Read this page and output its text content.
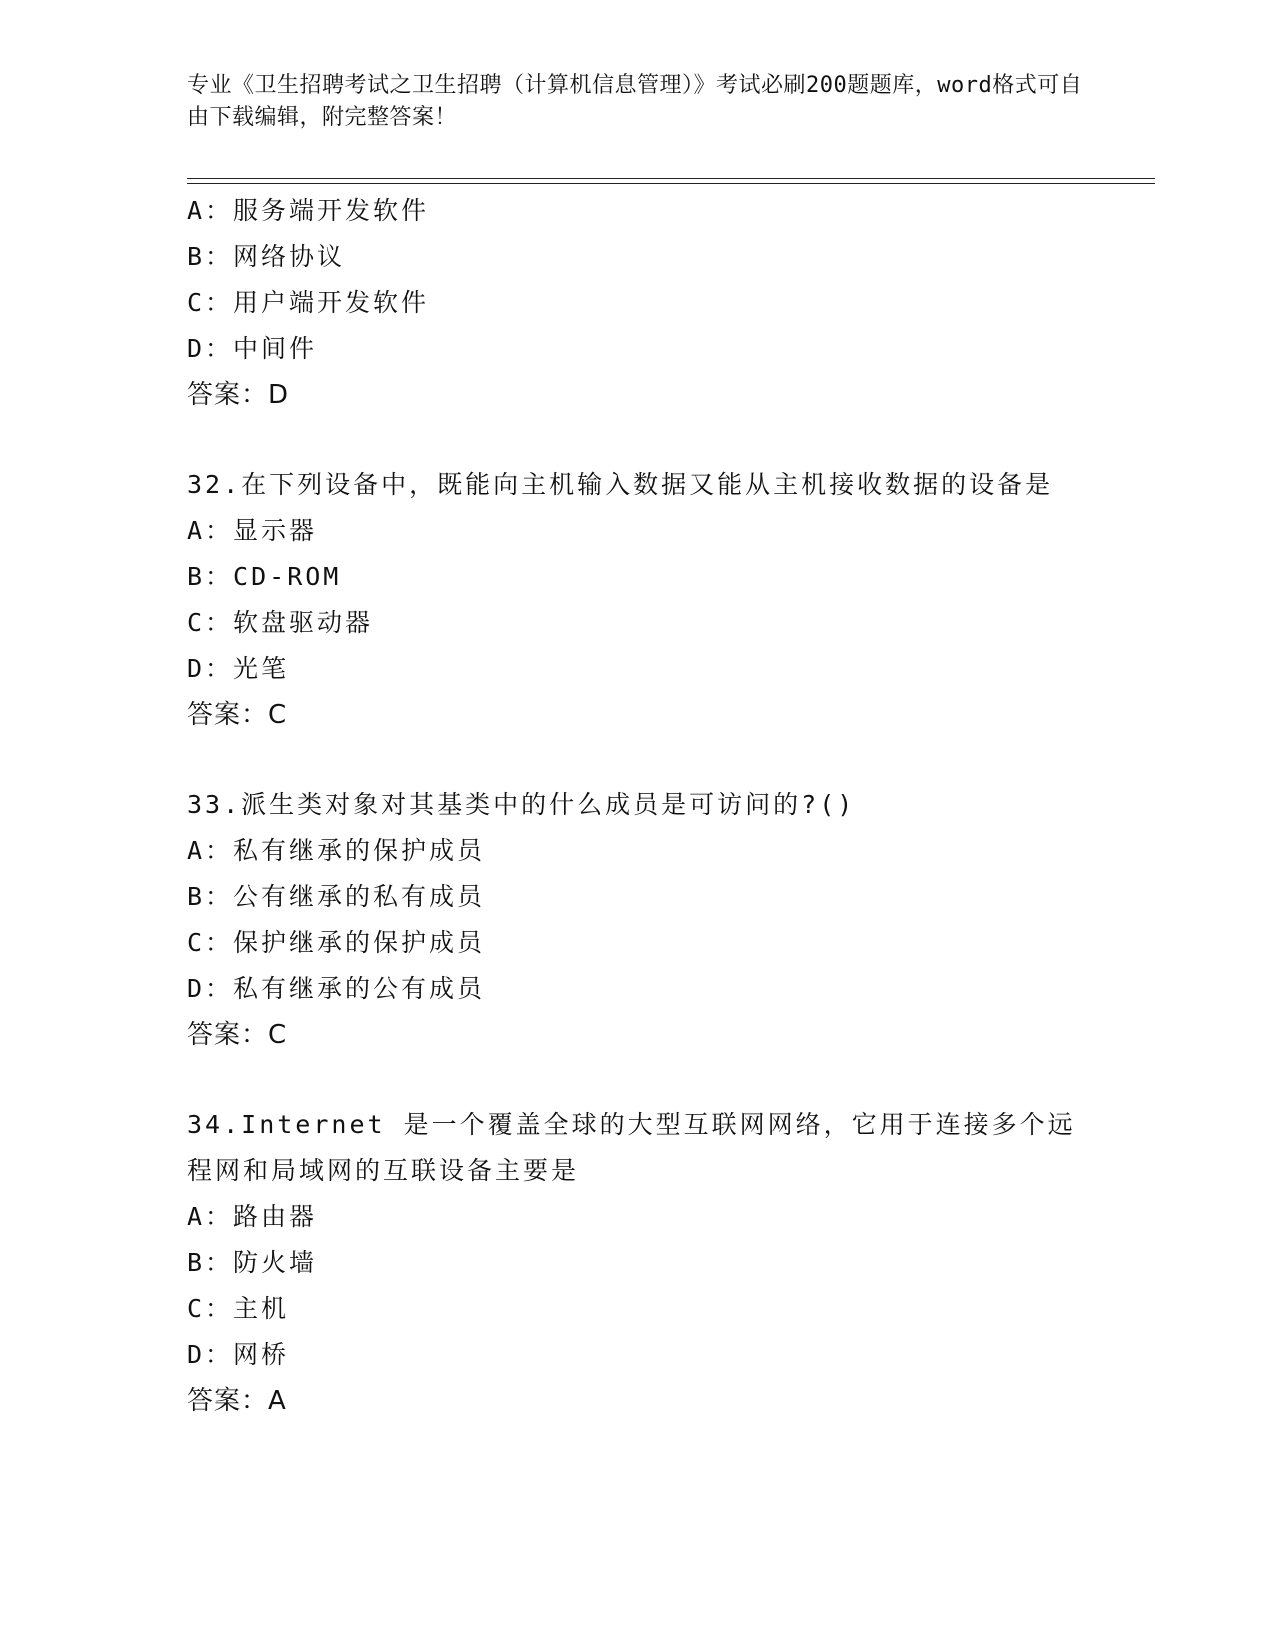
专业《卫生招聘考试之卫生招聘（计算机信息管理）》考试必刷200题题库，word格式可自由下载编辑，附完整答案！
A：服务端开发软件
B：网络协议
C：用户端开发软件
D：中间件
答案：D
32.在下列设备中，既能向主机输入数据又能从主机接收数据的设备是
A：显示器
B：CD-ROM
C：软盘驱动器
D：光笔
答案：C
33.派生类对象对其基类中的什么成员是可访问的?()
A：私有继承的保护成员
B：公有继承的私有成员
C：保护继承的保护成员
D：私有继承的公有成员
答案：C
34.Internet 是一个覆盖全球的大型互联网网络，它用于连接多个远程网和局域网的互联设备主要是
A：路由器
B：防火墙
C：主机
D：网桥
答案：A
